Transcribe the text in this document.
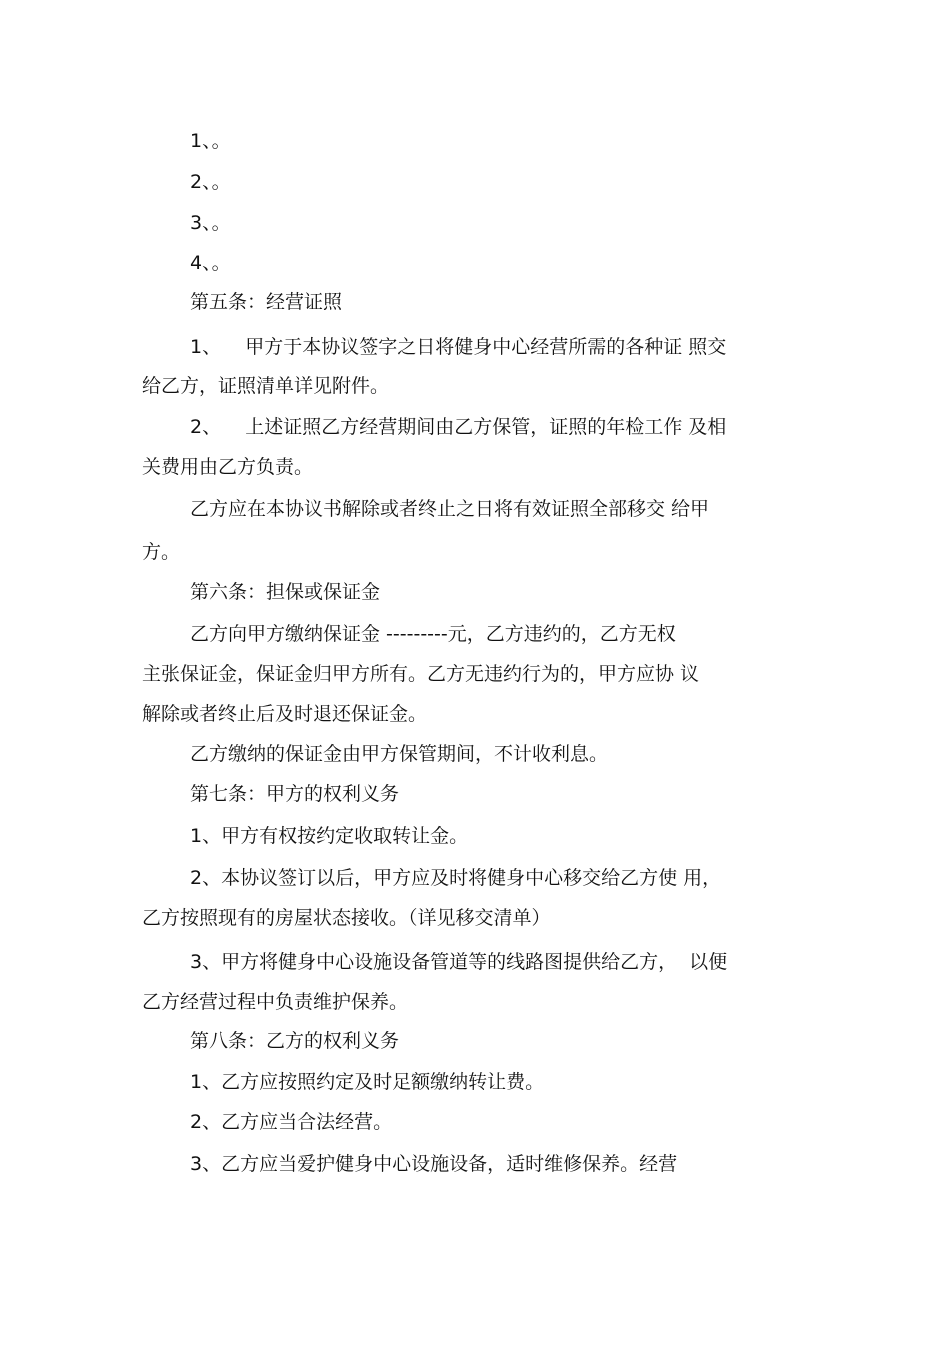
1、。

2、。

3、。

4、。

第五条：经营证照

1、    甲方于本协议签字之日将健身中心经营所需的各种证 照交

给乙方，证照清单详见附件。

2、    上述证照乙方经营期间由乙方保管，证照的年检工作 及相

关费用由乙方负责。

乙方应在本协议书解除或者终止之日将有效证照全部移交 给甲

方。

第六条：担保或保证金

乙方向甲方缴纳保证金 ---------元，乙方违约的，乙方无权

主张保证金，保证金归甲方所有。乙方无违约行为的，甲方应协 议

解除或者终止后及时退还保证金。

乙方缴纳的保证金由甲方保管期间，不计收利息。

第七条：甲方的权利义务

1、甲方有权按约定收取转让金。

2、本协议签订以后，甲方应及时将健身中心移交给乙方使 用，

乙方按照现有的房屋状态接收。（详见移交清单）

3、甲方将健身中心设施设备管道等的线路图提供给乙方，  以便

乙方经营过程中负责维护保养。

第八条：乙方的权利义务

1、乙方应按照约定及时足额缴纳转让费。

2、乙方应当合法经营。

3、乙方应当爱护健身中心设施设备，适时维修保养。经营
